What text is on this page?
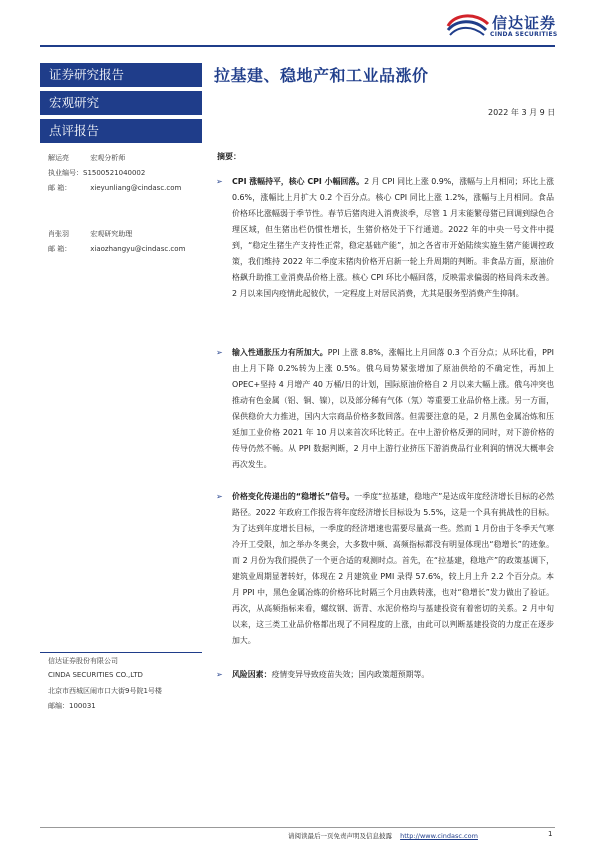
信达证券
CINDA SECURITIES
证券研究报告
宏观研究
点评报告
解运亮	宏观分析师
执业编号：S1500521040002
邮 箱：	xieyunliang@cindasc.com
肖张羽	宏观研究助理
邮 箱：	xiaozhangyu@cindasc.com
信达证券股份有限公司
CINDA SECURITIES CO.,LTD
北京市西城区闹市口大街9号院1号楼
邮编：100031
拉基建、稳地产和工业品涨价
2022 年 3 月 9 日
摘要：
➢ CPI 涨幅持平，核心 CPI 小幅回落。2 月 CPI 同比上涨 0.9%，涨幅与上月相同；环比上涨 0.6%，涨幅比上月扩大 0.2 个百分点。核心 CPI 同比上涨 1.2%，涨幅与上月相同。食品价格环比涨幅弱于季节性。春节后猪肉进入消费淡季，尽管 1 月末能繁母猪已回调到绿色合理区域，但生猪出栏仍惯性增长，生猪价格处于下行通道。2022 年的中央一号文件中提到，“稳定生猪生产支持性正常，稳定基础产能”，加之各省市开始陆续实施生猪产能调控政策，我们维持 2022 年二季度末猪肉价格开启新一轮上升周期的判断。非食品方面，原油价格飙升助推工业消费品价格上涨。核心 CPI 环比小幅回落，反映需求偏弱的格局尚未改善。2 月以来国内疫情此起彼伏，一定程度上对居民消费，尤其是服务型消费产生抑制。
➢ 输入性通胀压力有所加大。PPI 上涨 8.8%，涨幅比上月回落 0.3 个百分点；从环比看，PPI 由上月下降 0.2%转为上涨 0.5%。俄乌局势紧张增加了原油供给的不确定性，再加上 OPEC+坚持 4 月增产 40 万桶/日的计划，国际原油价格自 2 月以来大幅上涨。俄乌冲突也推动有色金属（铝、铜、镍），以及部分稀有气体（氖）等重要工业品价格上涨。另一方面，保供稳价大力推进，国内大宗商品价格多数回落。但需要注意的是，2 月黑色金属冶炼和压延加工业价格 2021 年 10 月以来首次环比转正。在中上游价格反弹的同时，对下游价格的传导仍然不畅。从 PPI 数据判断，2 月中上游行业挤压下游消费品行业利润的情况大概率会再次发生。
➢ 价格变化传递出的“稳增长”信号。一季度“拉基建，稳地产”是达成年度经济增长目标的必然路径。2022 年政府工作报告将年度经济增长目标设为 5.5%，这是一个具有挑战性的目标。为了达到年度增长目标，一季度的经济增速也需要尽量高一些。然而 1 月份由于冬季天气寒冷开工受限，加之举办冬奥会，大多数中频、高频指标都没有明显体现出“稳增长”的迹象。而 2 月份为我们提供了一个更合适的观测时点。首先，在“拉基建，稳地产”的政策基调下，建筑业周期显著转好，体现在 2 月建筑业 PMI 录得 57.6%，较上月上升 2.2 个百分点。本月 PPI 中，黑色金属冶炼的价格环比时隔三个月由跌转涨，也对“稳增长”发力做出了验证。再次，从高频指标来看，螺纹钢、沥青、水泥价格均与基建投资有着密切的关系。2 月中旬以来，这三类工业品价格都出现了不同程度的上涨，由此可以判断基建投资的力度正在逐步加大。
➢ 风险因素：疫情变异导致疫苗失效；国内政策超预期等。
请阅读最后一页免责声明及信息披露 http://www.cindasc.com	1
